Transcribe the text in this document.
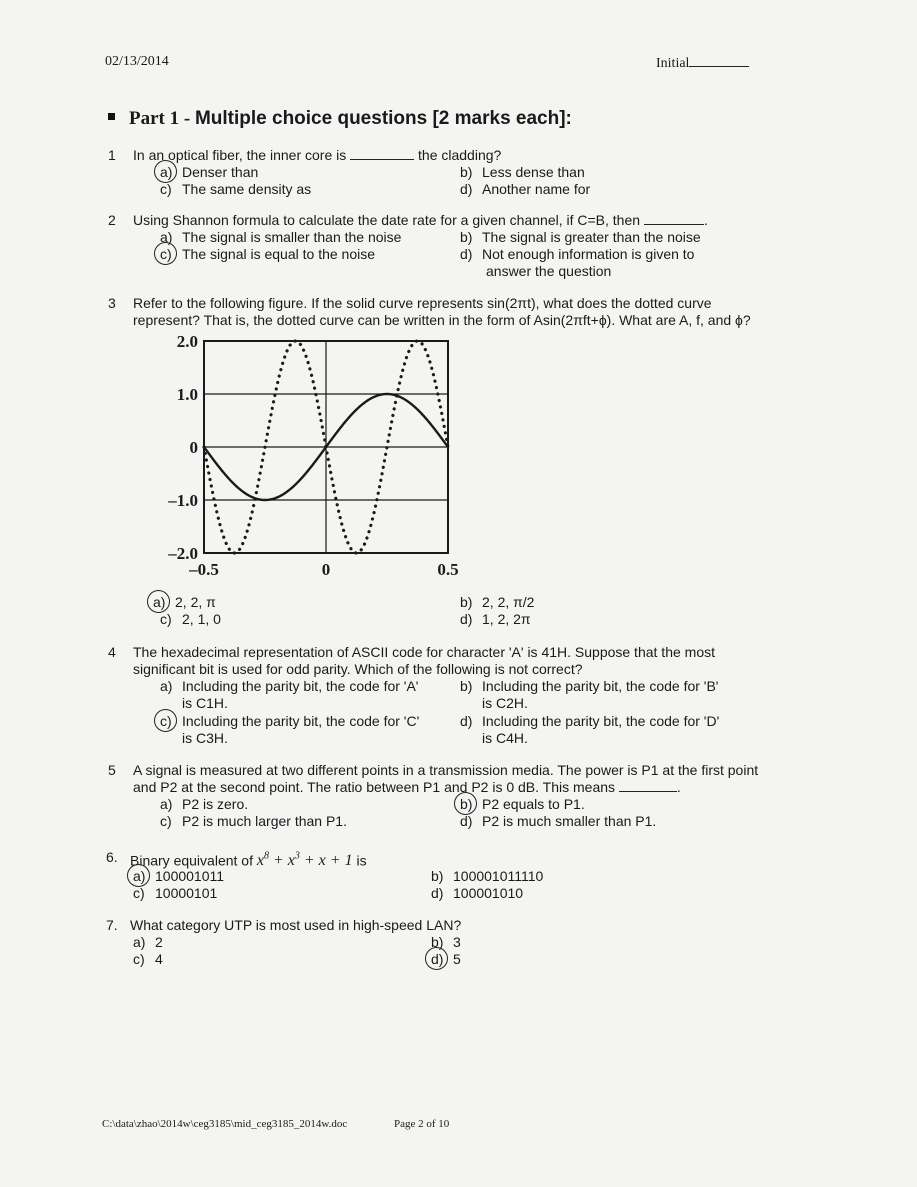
02/13/2014	Initial
Part 1 - Multiple choice questions [2 marks each]:
1 In an optical fiber, the inner core is	the cladding?
a) Denser than	b) Less dense than
c) The same density as	d) Another name for
2 Using Shannon formula to calculate the date rate for a given channel, if C=B, then	.
a) The signal is smaller than the noise	b) The signal is greater than the noise
c) The signal is equal to the noise	d) Not enough information is given to
answer the question
3 Refer to the following figure. If the solid curve represents sin(2πt), what does the dotted curve
represent? That is, the dotted curve can be written in the form of Asin(2πft+ϕ). What are A, f, and ϕ?
2.0
1.0
0
–1.0
–2.0
–0.5	0	0.5
a) 2, 2, π	b) 2, 2, π/2
c) 2, 1, 0	d) 1, 2, 2π
4 The hexadecimal representation of ASCII code for character 'A' is 41H. Suppose that the most
significant bit is used for odd parity. Which of the following is not correct?
a) Including the parity bit, the code for 'A'
is C1H.
b) Including the parity bit, the code for 'B'
is C2H.
c) Including the parity bit, the code for 'C'
is C3H.
d) Including the parity bit, the code for 'D'
is C4H.
5 A signal is measured at two different points in a transmission media. The power is P1 at the first point
and P2 at the second point. The ratio between P1 and P2 is 0 dB. This means	.
a) P2 is zero.	b) P2 equals to P1.
c) P2 is much larger than P1.	d) P2 is much smaller than P1.
6. Binary equivalent of $x^8 + x^3 + x + 1$ is
a) 100001011	b) 100001011110
c) 10000101	d) 100001010
7. What category UTP is most used in high-speed LAN?
a) 2	b) 3
c) 4	d) 5
C:\data\zhao\2014w\ceg3185\mid_ceg3185_2014w.doc	Page 2 of 10
